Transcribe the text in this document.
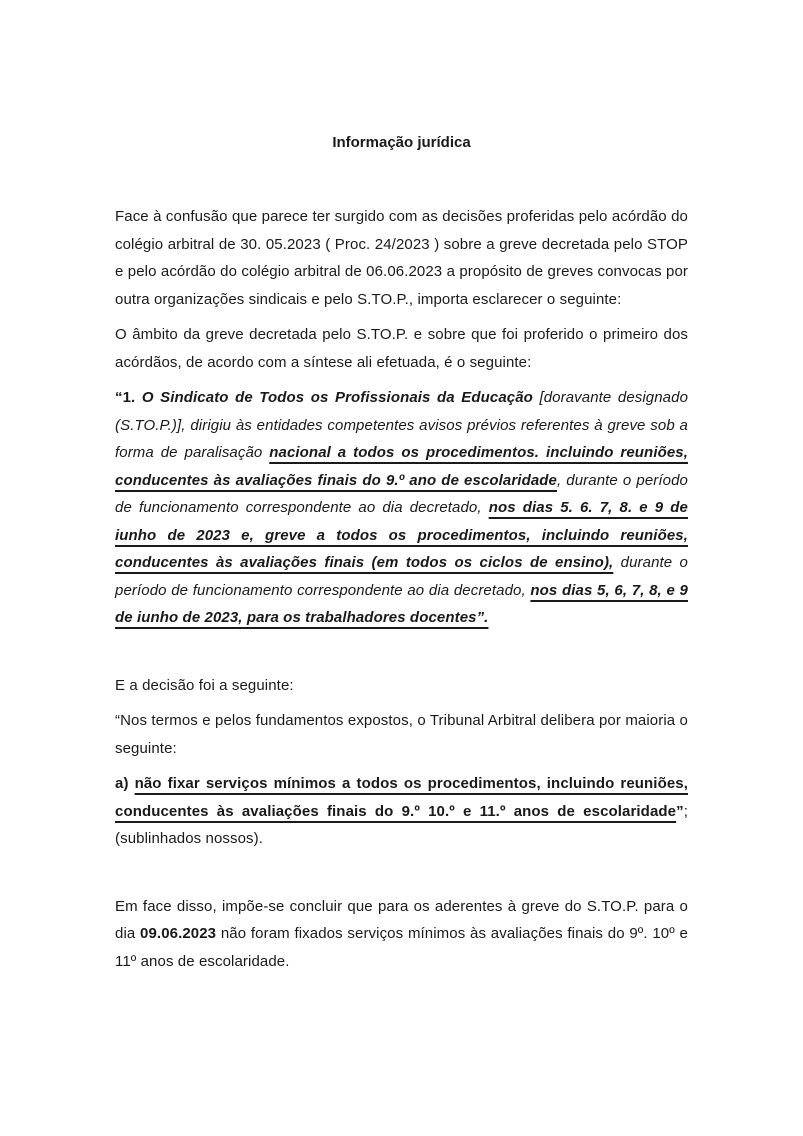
Informação jurídica

Face à confusão que parece ter surgido com as decisões proferidas pelo acórdão do colégio arbitral de 30. 05.2023 ( Proc. 24/2023 ) sobre a greve decretada pelo STOP e pelo acórdão do colégio arbitral de 06.06.2023 a propósito de greves convocas por outra organizações sindicais e pelo S.TO.P., importa esclarecer o seguinte:

O âmbito da greve decretada pelo S.TO.P. e sobre que foi proferido o primeiro dos acórdãos, de acordo com a síntese ali efetuada, é o seguinte:

“1. O Sindicato de Todos os Profissionais da Educação [doravante designado (S.TO.P.)], dirigiu às entidades competentes avisos prévios referentes à greve sob a forma de paralisação nacional a todos os procedimentos. incluindo reuniões, conducentes às avaliações finais do 9.º ano de escolaridade, durante o período de funcionamento correspondente ao dia decretado, nos dias 5. 6. 7, 8. e 9 de iunho de 2023 e, greve a todos os procedimentos, incluindo reuniões, conducentes às avaliações finais (em todos os ciclos de ensino), durante o período de funcionamento correspondente ao dia decretado, nos dias 5, 6, 7, 8, e 9 de iunho de 2023, para os trabalhadores docentes”.

E a decisão foi a seguinte:

“Nos termos e pelos fundamentos expostos, o Tribunal Arbitral delibera por maioria o seguinte:

a) não fixar serviços mínimos a todos os procedimentos, incluindo reuniões, conducentes às avaliações finais do 9.º 10.º e 11.º anos de escolaridade”; (sublinhados nossos).

Em face disso, impõe-se concluir que para os aderentes à greve do S.TO.P. para o dia 09.06.2023 não foram fixados serviços mínimos às avaliações finais do 9º. 10º e 11º anos de escolaridade.
